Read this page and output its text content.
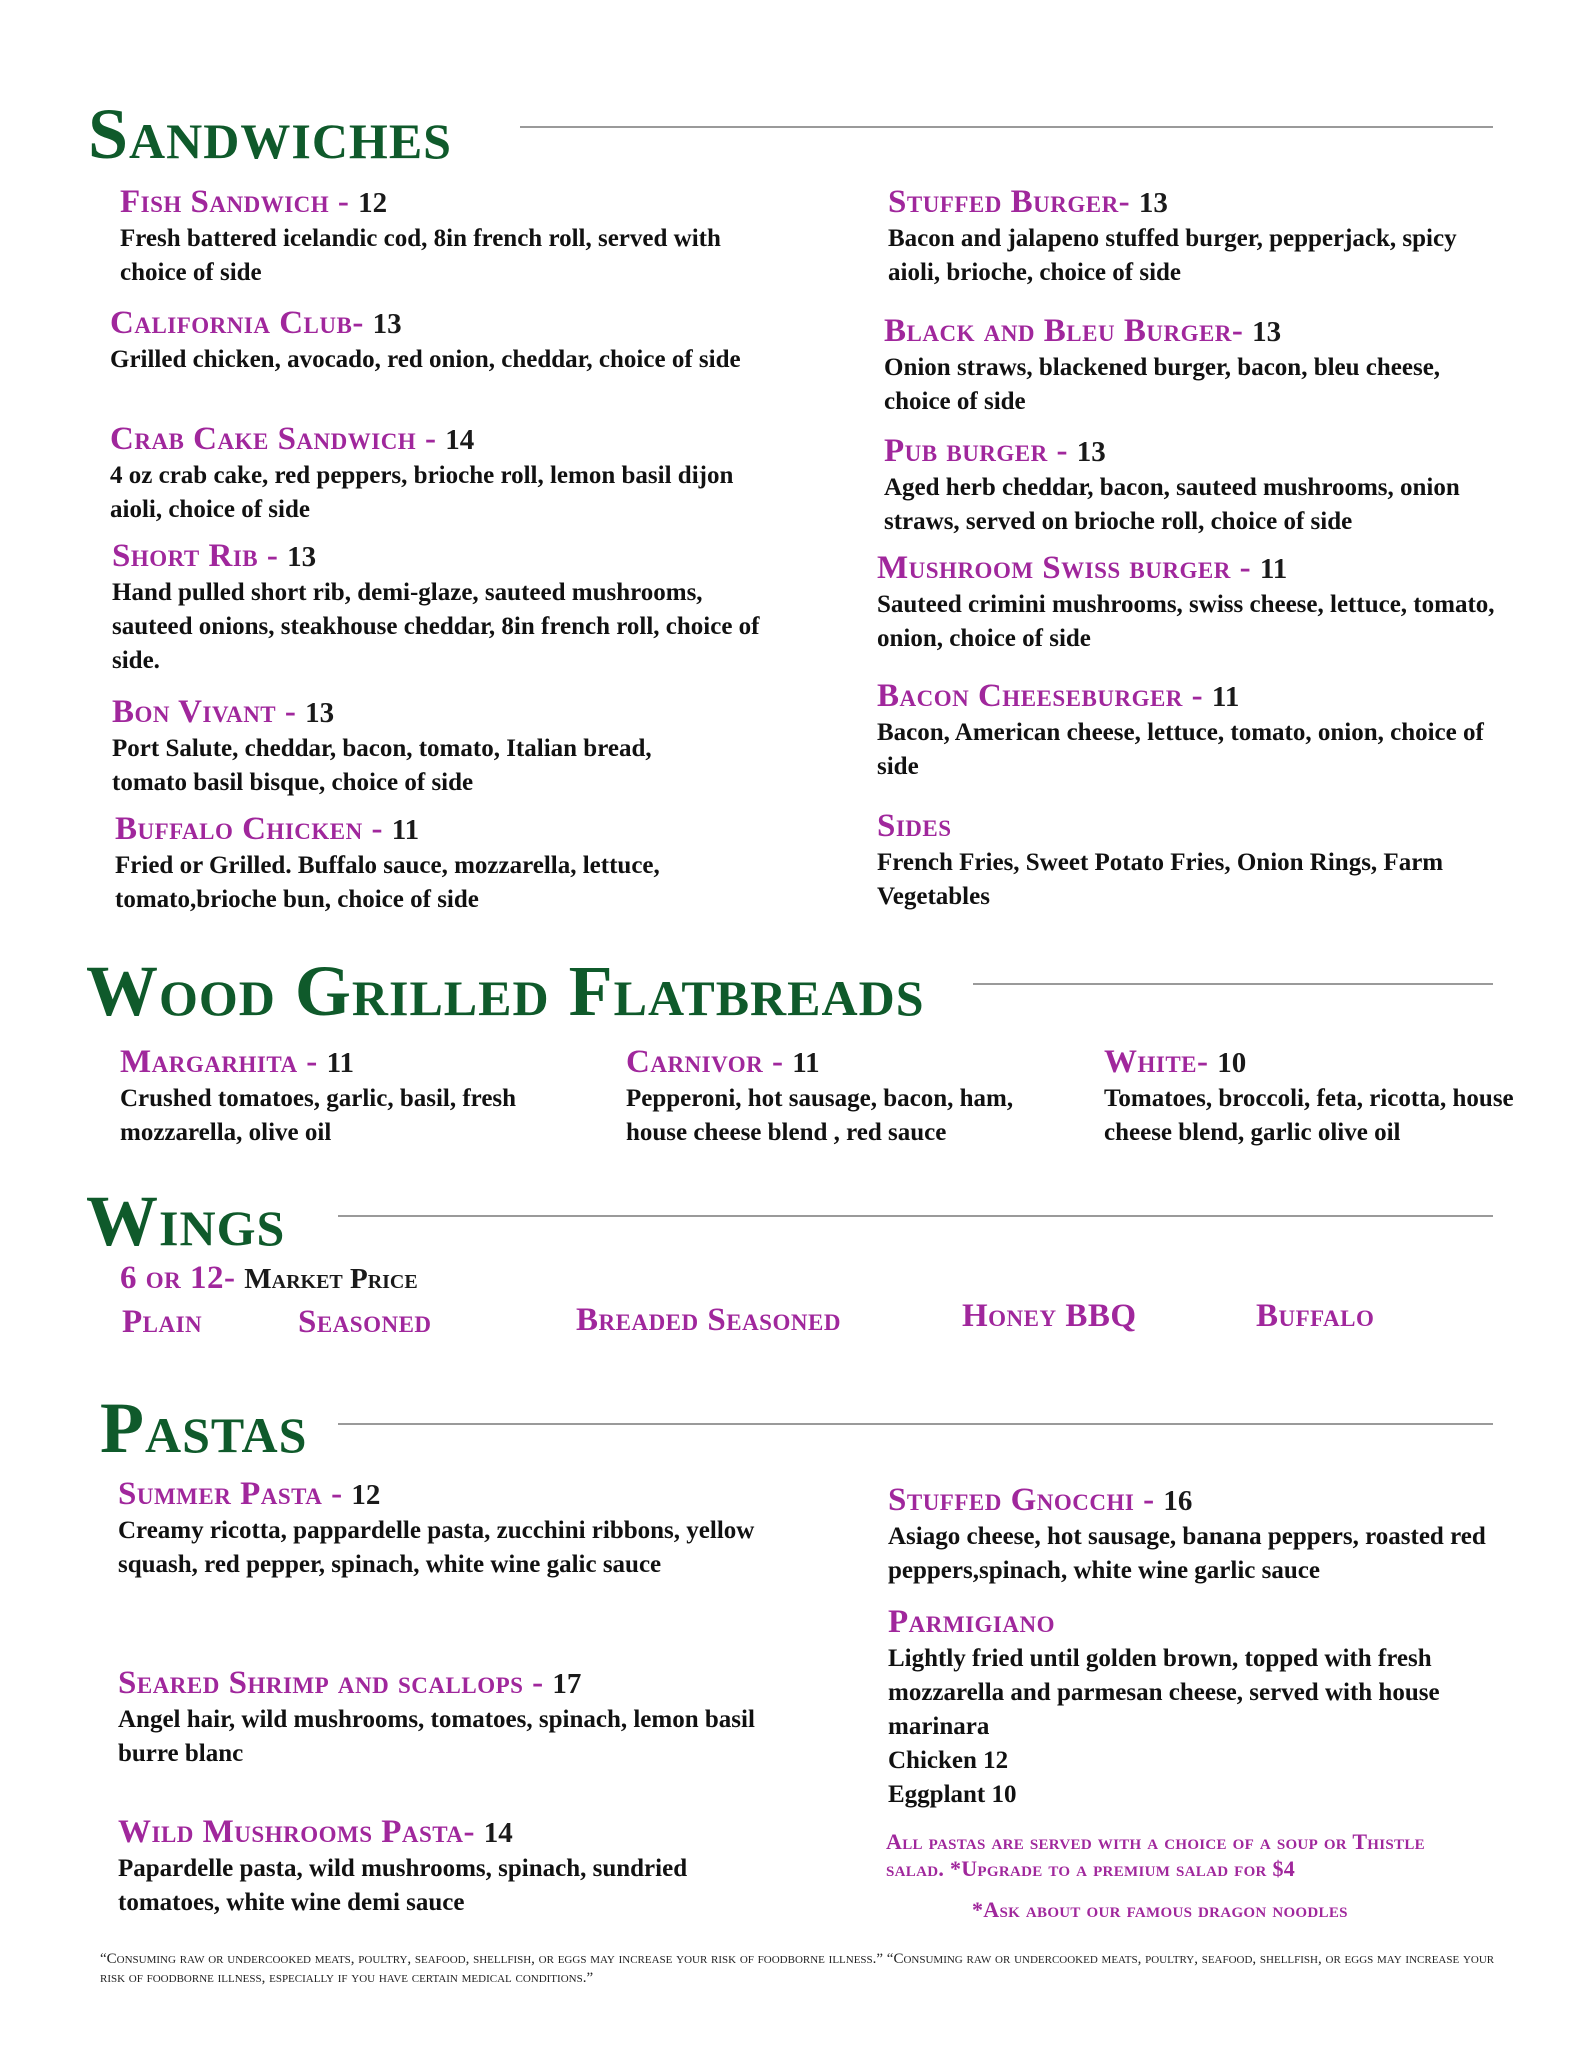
Sandwiches
Fish Sandwich - 12
Fresh battered icelandic cod, 8in french roll, served with choice of side
California Club- 13
Grilled chicken, avocado, red onion, cheddar, choice of side
Crab Cake Sandwich - 14
4 oz crab cake, red peppers, brioche roll, lemon basil dijon aioli, choice of side
Short Rib - 13
Hand pulled short rib, demi-glaze, sauteed mushrooms, sauteed onions, steakhouse cheddar, 8in french roll, choice of side.
Bon Vivant - 13
Port Salute, cheddar, bacon, tomato, Italian bread, tomato basil bisque, choice of side
Buffalo Chicken - 11
Fried or Grilled. Buffalo sauce, mozzarella, lettuce, tomato,brioche bun, choice of side
Stuffed Burger- 13
Bacon and jalapeno stuffed burger, pepperjack, spicy aioli, brioche, choice of side
Black and Bleu Burger- 13
Onion straws, blackened burger, bacon, bleu cheese, choice of side
Pub burger - 13
Aged herb cheddar, bacon, sauteed mushrooms, onion straws, served on brioche roll, choice of side
Mushroom Swiss burger - 11
Sauteed crimini mushrooms, swiss cheese, lettuce, tomato, onion, choice of side
Bacon Cheeseburger - 11
Bacon, American cheese, lettuce, tomato, onion, choice of side
Sides
French Fries, Sweet Potato Fries, Onion Rings, Farm Vegetables
Wood Grilled Flatbreads
Margarhita - 11
Crushed tomatoes, garlic, basil, fresh mozzarella, olive oil
Carnivor - 11
Pepperoni, hot sausage, bacon, ham, house cheese blend , red sauce
White- 10
Tomatoes, broccoli, feta, ricotta, house cheese blend, garlic olive oil
Wings
6 or 12- Market Price
Plain	Seasoned	Breaded Seasoned	Honey BBQ	Buffalo
Pastas
Summer Pasta - 12
Creamy ricotta, pappardelle pasta, zucchini ribbons, yellow squash, red pepper, spinach, white wine galic sauce
Seared Shrimp and scallops - 17
Angel hair, wild mushrooms, tomatoes, spinach, lemon basil burre blanc
Wild Mushrooms Pasta- 14
Papardelle pasta, wild mushrooms, spinach, sundried tomatoes, white wine demi sauce
Stuffed Gnocchi - 16
Asiago cheese, hot sausage, banana peppers, roasted red peppers,spinach, white wine garlic sauce
Parmigiano
Lightly fried until golden brown, topped with fresh mozzarella and parmesan cheese, served with house marinara
Chicken 12
Eggplant 10
All pastas are served with a choice of a soup or Thistle salad. *Upgrade to a premium salad for $4
*Ask about our famous dragon noodles
“Consuming raw or undercooked meats, poultry, seafood, shellfish, or eggs may increase your risk of foodborne illness.” “Consuming raw or undercooked meats, poultry, seafood, shellfish, or eggs may increase your risk of foodborne illness, especially if you have certain medical conditions.”
